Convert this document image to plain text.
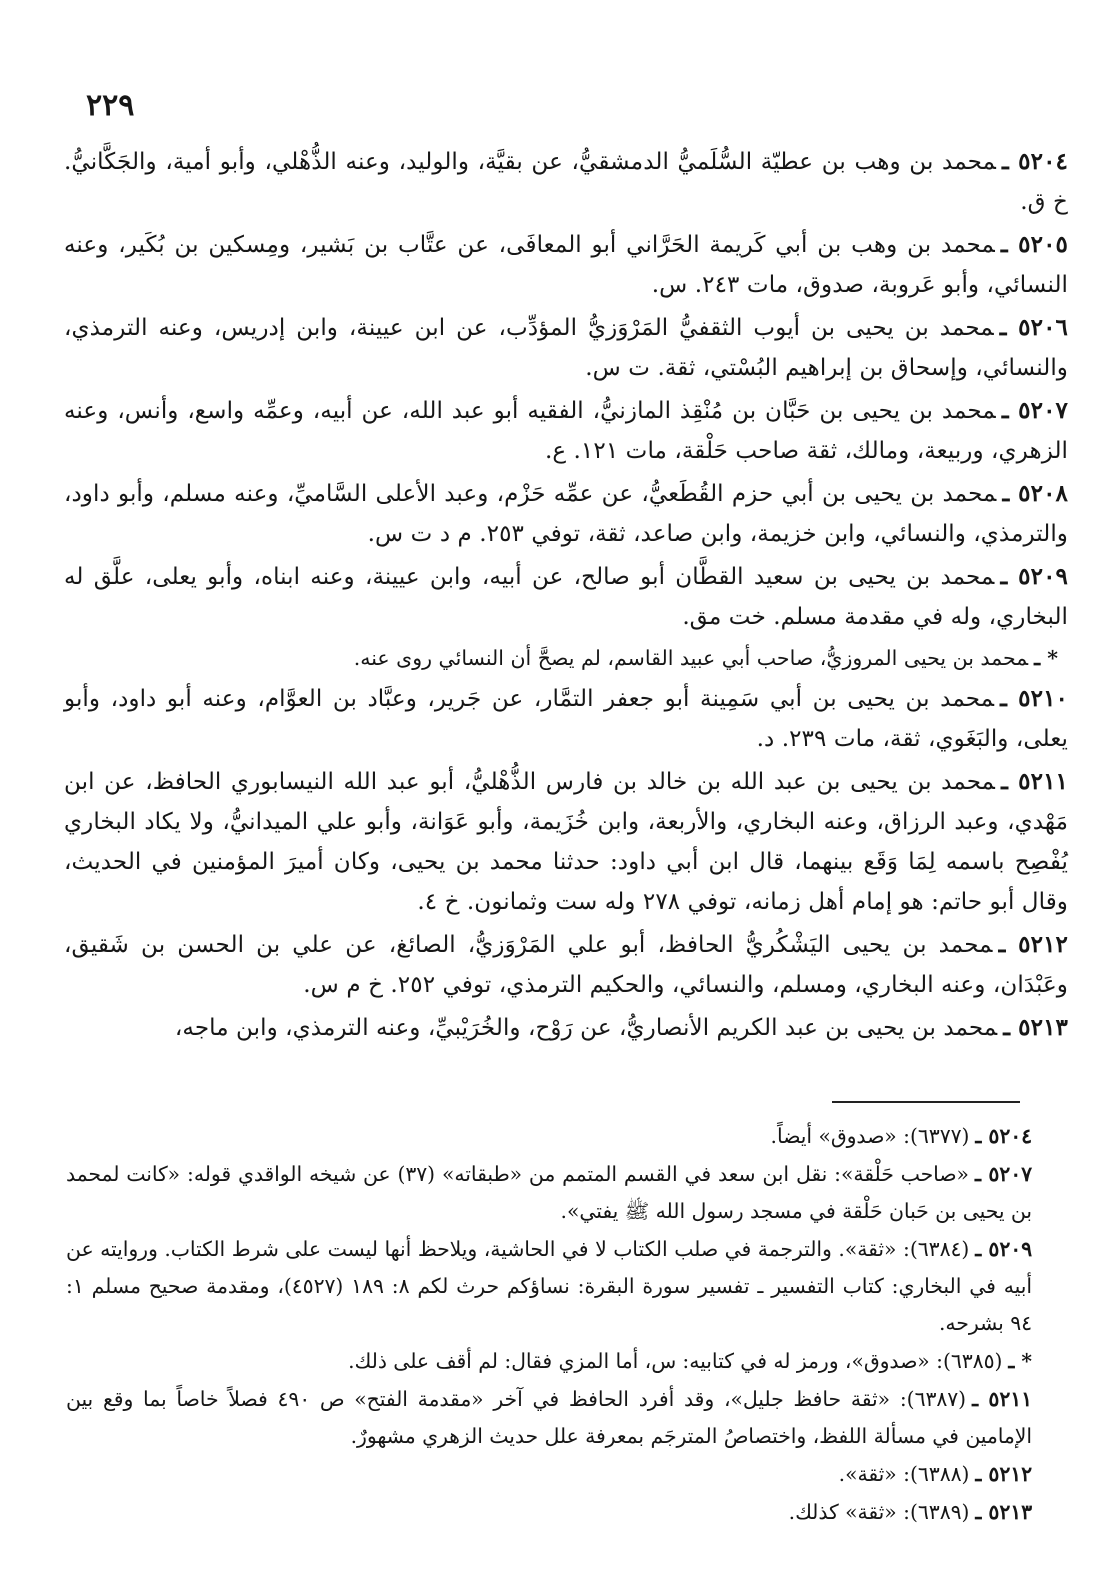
٢٢٩

٥٢٠٤ ـمحمد بن وهب بن عطيّة السُّلَميُّ الدمشقيُّ، عن بقيَّة، والوليد، وعنه الذُّهْلي، وأبو أمية، والجَكَّانيُّ. خ ق.

٥٢٠٥ ـمحمد بن وهب بن أبي كَريمة الحَرَّاني أبو المعافَى، عن عتَّاب بن بَشير، ومِسكين بن بُكَير، وعنه النسائي، وأبو عَروبة، صدوق، مات ٢٤٣. س.

٥٢٠٦ ـمحمد بن يحيى بن أيوب الثقفيُّ المَرْوَزيُّ المؤدِّب، عن ابن عيينة، وابن إدريس، وعنه الترمذي، والنسائي، وإسحاق بن إبراهيم البُسْتي، ثقة. ت س.

٥٢٠٧ ـمحمد بن يحيى بن حَبَّان بن مُنْقِذ المازنيُّ، الفقيه أبو عبد الله، عن أبيه، وعمِّه واسع، وأنس، وعنه الزهري، وربيعة، ومالك، ثقة صاحب حَلْقة، مات ١٢١. ع.

٥٢٠٨ ـمحمد بن يحيى بن أبي حزم القُطَعيُّ، عن عمِّه حَزْم، وعبد الأعلى السَّاميِّ، وعنه مسلم، وأبو داود، والترمذي، والنسائي، وابن خزيمة، وابن صاعد، ثقة، توفي ٢٥٣. م د ت س.

٥٢٠٩ ـمحمد بن يحيى بن سعيد القطَّان أبو صالح، عن أبيه، وابن عيينة، وعنه ابناه، وأبو يعلى، علَّق له البخاري، وله في مقدمة مسلم. خت مق.

* ـمحمد بن يحيى المروزيُّ، صاحب أبي عبيد القاسم، لم يصحَّ أن النسائي روى عنه.

٥٢١٠ ـمحمد بن يحيى بن أبي سَمِينة أبو جعفر التمَّار، عن جَرير، وعبَّاد بن العوَّام، وعنه أبو داود، وأبو يعلى، والبَغَوي، ثقة، مات ٢٣٩. د.

٥٢١١ ـمحمد بن يحيى بن عبد الله بن خالد بن فارس الذُّهْليُّ، أبو عبد الله النيسابوري الحافظ، عن ابن مَهْدي، وعبد الرزاق، وعنه البخاري، والأربعة، وابن خُزَيمة، وأبو عَوَانة، وأبو علي الميدانيُّ، ولا يكاد البخاري يُفْصِح باسمه لِمَا وَقَع بينهما، قال ابن أبي داود: حدثنا محمد بن يحيى، وكان أميرَ المؤمنين في الحديث، وقال أبو حاتم: هو إمام أهل زمانه، توفي ٢٧٨ وله ست وثمانون. خ ٤.

٥٢١٢ ـمحمد بن يحيى اليَشْكُريُّ الحافظ، أبو علي المَرْوَزيُّ، الصائغ، عن علي بن الحسن بن شَقيق، وعَبْدَان، وعنه البخاري، ومسلم، والنسائي، والحكيم الترمذي، توفي ٢٥٢. خ م س.

٥٢١٣ ـمحمد بن يحيى بن عبد الكريم الأنصاريُّ، عن رَوْح، والخُرَيْبيِّ، وعنه الترمذي، وابن ماجه،

٥٢٠٤ ـ(٦٣٧٧): «صدوق» أيضاً.

٥٢٠٧ ـ«صاحب حَلْقة»: نقل ابن سعد في القسم المتمم من «طبقاته» (٣٧) عن شيخه الواقدي قوله: «كانت لمحمد بن يحيى بن حَبان حَلْقة في مسجد رسول الله ﷺ يفتي».

٥٢٠٩ ـ(٦٣٨٤): «ثقة». والترجمة في صلب الكتاب لا في الحاشية، ويلاحظ أنها ليست على شرط الكتاب. وروايته عن أبيه في البخاري: كتاب التفسير ـ تفسير سورة البقرة: نساؤكم حرث لكم ٨: ١٨٩ (٤٥٢٧)، ومقدمة صحيح مسلم ١: ٩٤ بشرحه.

* ـ(٦٣٨٥): «صدوق»، ورمز له في كتابيه: س، أما المزي فقال: لم أقف على ذلك.

٥٢١١ ـ(٦٣٨٧): «ثقة حافظ جليل»، وقد أفرد الحافظ في آخر «مقدمة الفتح» ص ٤٩٠ فصلاً خاصاً بما وقع بين الإمامين في مسألة اللفظ، واختصاصُ المترجَم بمعرفة علل حديث الزهري مشهورٌ.

٥٢١٢ ـ(٦٣٨٨): «ثقة».

٥٢١٣ ـ(٦٣٨٩): «ثقة» كذلك.
